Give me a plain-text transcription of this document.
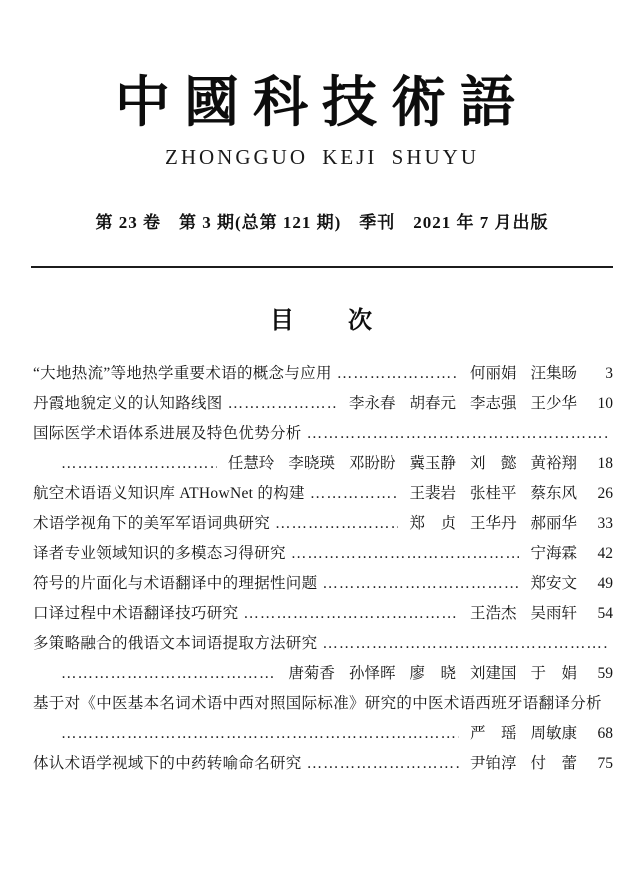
中國科技術語
ZHONGGUO KEJI SHUYU
第 23 卷　第 3 期(总第 121 期)　季刊　2021 年 7 月出版
目　　次
“大地热流”等地热学重要术语的概念与应用 …………………………………………………………………………………………………………………………………………	何丽娟 汪集旸	3
丹霞地貌定义的认知路线图 …………………………………………………………………………………………………………………………………………	李永春 胡春元 李志强 王少华	10
国际医学术语体系进展及特色优势分析
…………………………………………………………………………………………………………………………………………
…………………………………………………………………………………………………………………………………………
任慧玲 李晓瑛 邓盼盼 冀玉静 刘　懿 黄裕翔	18
航空术语语义知识库 ATHowNet 的构建 …………………………………………………………………………………………………………………………………………	王裴岩 张桂平 蔡东风	26
术语学视角下的美军军语词典研究 …………………………………………………………………………………………………………………………………………	郑　贞 王华丹 郝丽华	33
译者专业领域知识的多模态习得研究 …………………………………………………………………………………………………………………………………………	宁海霖	42
符号的片面化与术语翻译中的理据性问题 …………………………………………………………………………………………………………………………………………	郑安文	49
口译过程中术语翻译技巧研究 …………………………………………………………………………………………………………………………………………	王浩杰 吴雨轩	54
多策略融合的俄语文本词语提取方法研究
…………………………………………………………………………………………………………………………………………
…………………………………………………………………………………………………………………………………………
唐菊香 孙怿晖 廖　晓 刘建国 于　娟	59
基于对《中医基本名词术语中西对照国际标准》研究的中医术语西班牙语翻译分析
…………………………………………………………………………………………………………………………………………
…………………………………………………………………………………………………………………………………………
严　瑶 周敏康	68
体认术语学视域下的中药转喻命名研究 …………………………………………………………………………………………………………………………………………	尹铂淳 付　蕾	75
